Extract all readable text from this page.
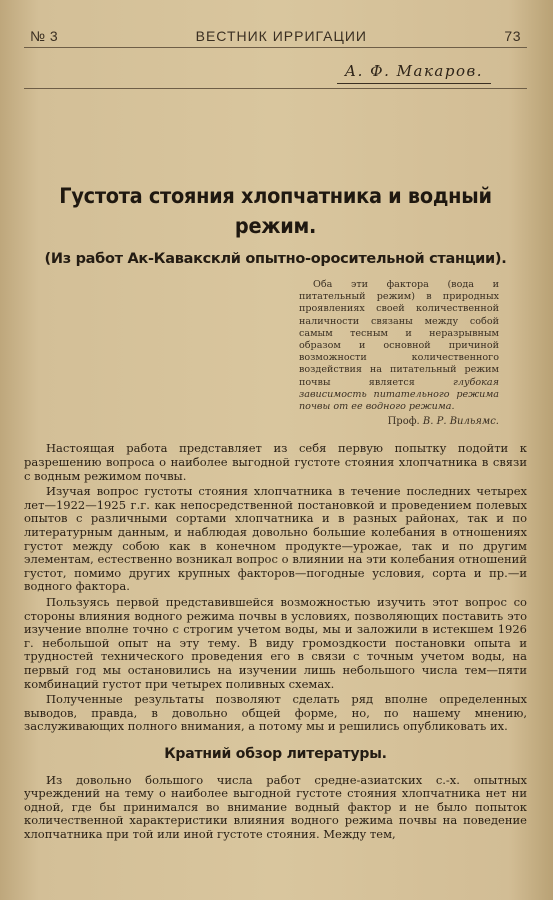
№ 3	ВЕСТНИК ИРРИГАЦИИ	73
А. Ф. Макаров.
Густота стояния хлопчатника и водный режим.
(Из работ Ак-Каваксклй опытно-оросительной станции).

Оба эти фактора (вода и питательный режим) в природных проявлениях своей количественной наличности связаны между собой самым тесным и неразрывным образом и основной причиной возможности количественного воздействия на питательный режим почвы является глубокая зависимость питательного режима почвы от ее водного режима.

Проф. В. Р. Вильямс.

Настоящая работа представляет из себя первую попытку подойти к разрешению вопроса о наиболее выгодной густоте стояния хлопчатника в связи с водным режимом почвы.

Изучая вопрос густоты стояния хлопчатника в течение последних четырех лет—1922—1925 г.г. как непосредственной постановкой и проведением полевых опытов с различными сортами хлопчатника и в разных районах, так и по литературным данным, и наблюдая довольно большие колебания в отношениях густот между собою как в конечном продукте—урожае, так и по другим элементам, естественно возникал вопрос о влиянии на эти колебания отношений густот, помимо других крупных факторов—погодные условия, сорта и пр.—и водного фактора.

Пользуясь первой представившейся возможностью изучить этот вопрос со стороны влияния водного режима почвы в условиях, позволяющих поставить это изучение вполне точно с строгим учетом воды, мы и заложили в истекшем 1926 г. небольшой опыт на эту тему. В виду громоздкости постановки опыта и трудностей технического проведения его в связи с точным учетом воды, на первый год мы остановились на изучении лишь небольшого числа тем—пяти комбинаций густот при четырех поливных схемах.

Полученные результаты позволяют сделать ряд вполне определенных выводов, правда, в довольно общей форме, но, по нашему мнению, заслуживающих полного внимания, а потому мы и решились опубликовать их.

Кратний обзор литературы.

Из довольно большого числа работ средне-азиатских с.-х. опытных учреждений на тему о наиболее выгодной густоте стояния хлопчатника нет ни одной, где бы принимался во внимание водный фактор и не было попыток количественной характеристики влияния водного режима почвы на поведение хлопчатника при той или иной густоте стояния. Между тем,
